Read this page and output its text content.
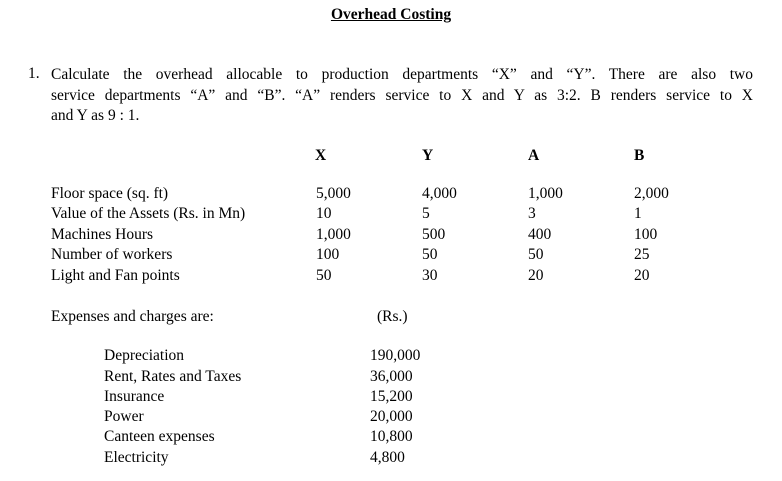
Overhead Costing
1. Calculate the overhead allocable to production departments “X” and “Y”. There are also two
service departments “A” and “B”. “A” renders service to X and Y as 3:2. B renders service to X
and Y as 9 : 1.
X	Y	A	B
Floor space (sq. ft)	5,000	4,000	1,000	2,000
Value of the Assets (Rs. in Mn)	10	5	3	1
Machines Hours	1,000	500	400	100
Number of workers	100	50	50	25
Light and Fan points	50	30	20	20
Expenses and charges are:	(Rs.)
Depreciation	190,000
Rent, Rates and Taxes	36,000
Insurance	15,200
Power	20,000
Canteen expenses	10,800
Electricity	4,800
